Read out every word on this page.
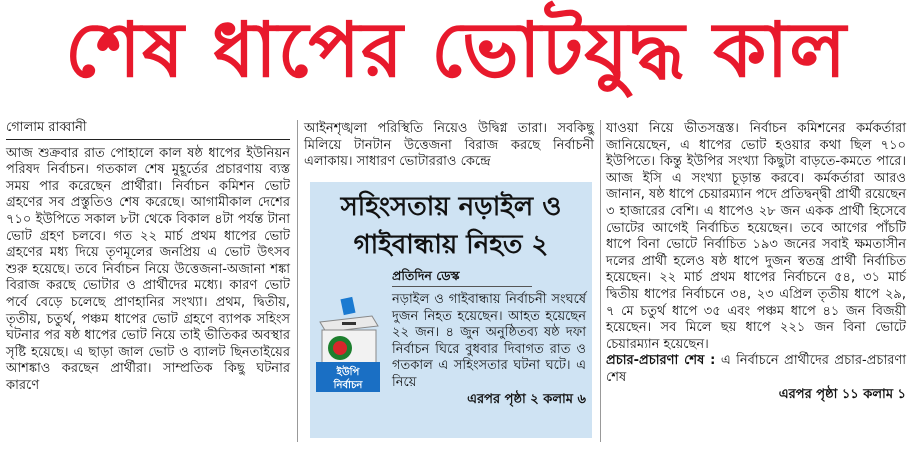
শেষ ধাপের ভোটযুদ্ধ কাল
গোলাম রাব্বানী

আজ শুক্রবার রাত পোহালে কাল ষষ্ঠ ধাপের ইউনিয়ন পরিষদ নির্বাচন। গতকাল শেষ মুহূর্তের প্রচারণায় ব্যস্ত সময় পার করেছেন প্রার্থীরা। নির্বাচন কমিশন ভোট গ্রহণের সব প্রস্তুতিও শেষ করেছে। আগামীকাল দেশের ৭১০ ইউপিতে সকাল ৮টা থেকে বিকাল ৪টা পর্যন্ত টানা ভোট গ্রহণ চলবে। গত ২২ মার্চ প্রথম ধাপের ভোট গ্রহণের মধ্য দিয়ে তৃণমূলের জনপ্রিয় এ ভোট উৎসব শুরু হয়েছে। তবে নির্বাচন নিয়ে উত্তেজনা-অজানা শঙ্কা বিরাজ করছে ভোটার ও প্রার্থীদের মধ্যে। কারণ ভোট পর্বে বেড়ে চলেছে প্রাণহানির সংখ্যা। প্রথম, দ্বিতীয়, তৃতীয়, চতুর্থ, পঞ্চম ধাপের ভোট গ্রহণে ব্যাপক সহিংস ঘটনার পর ষষ্ঠ ধাপের ভোট নিয়ে তাই ভীতিকর অবস্থার সৃষ্টি হয়েছে। এ ছাড়া জাল ভোট ও ব্যালট ছিনতাইয়ের আশঙ্কাও করছেন প্রার্থীরা। সাম্প্রতিক কিছু ঘটনার কারণে

আইনশৃঙ্খলা পরিস্থিতি নিয়েও উদ্বিগ্ন তারা। সবকিছু মিলিয়ে টানটান উত্তেজনা বিরাজ করছে নির্বাচনী এলাকায়। সাধারণ ভোটাররাও কেন্দ্রে

সহিংসতায় নড়াইল ও গাইবান্ধায় নিহত ২
প্রতিদিন ডেস্ক
ইউপি
নির্বাচন
নড়াইল ও গাইবান্ধায় নির্বাচনী সংঘর্ষে দুজন নিহত হয়েছেন। আহত হয়েছেন ২২ জন। ৪ জুন অনুষ্ঠিতব্য ষষ্ঠ দফা নির্বাচন ঘিরে বুধবার দিবাগত রাত ও গতকাল এ সহিংসতার ঘটনা ঘটে। এ নিয়ে
এরপর পৃষ্ঠা ২ কলাম ৬

যাওয়া নিয়ে ভীতসন্ত্রস্ত। নির্বাচন কমিশনের কর্মকর্তারা জানিয়েছেন, এ ধাপের ভোট হওয়ার কথা ছিল ৭১০ ইউপিতে। কিন্তু ইউপির সংখ্যা কিছুটা বাড়তে-কমতে পারে। আজ ইসি এ সংখ্যা চূড়ান্ত করবে। কর্মকর্তারা আরও জানান, ষষ্ঠ ধাপে চেয়ারম্যান পদে প্রতিদ্বন্দ্বী প্রার্থী রয়েছেন ৩ হাজারের বেশি। এ ধাপেও ২৮ জন একক প্রার্থী হিসেবে ভোটের আগেই নির্বাচিত হয়েছেন। তবে আগের পাঁচটি ধাপে বিনা ভোটে নির্বাচিত ১৯৩ জনের সবাই ক্ষমতাসীন দলের প্রার্থী হলেও ষষ্ঠ ধাপে দুজন স্বতন্ত্র প্রার্থী নির্বাচিত হয়েছেন। ২২ মার্চ প্রথম ধাপের নির্বাচনে ৫৪, ৩১ মার্চ দ্বিতীয় ধাপের নির্বাচনে ৩৪, ২৩ এপ্রিল তৃতীয় ধাপে ২৯, ৭ মে চতুর্থ ধাপে ৩৫ এবং পঞ্চম ধাপে ৪১ জন বিজয়ী হয়েছেন। সব মিলে ছয় ধাপে ২২১ জন বিনা ভোটে চেয়ারম্যান হয়েছেন।

প্রচার-প্রচারণা শেষ : এ নির্বাচনে প্রার্থীদের প্রচার-প্রচারণা শেষ

এরপর পৃষ্ঠা ১১ কলাম ১
